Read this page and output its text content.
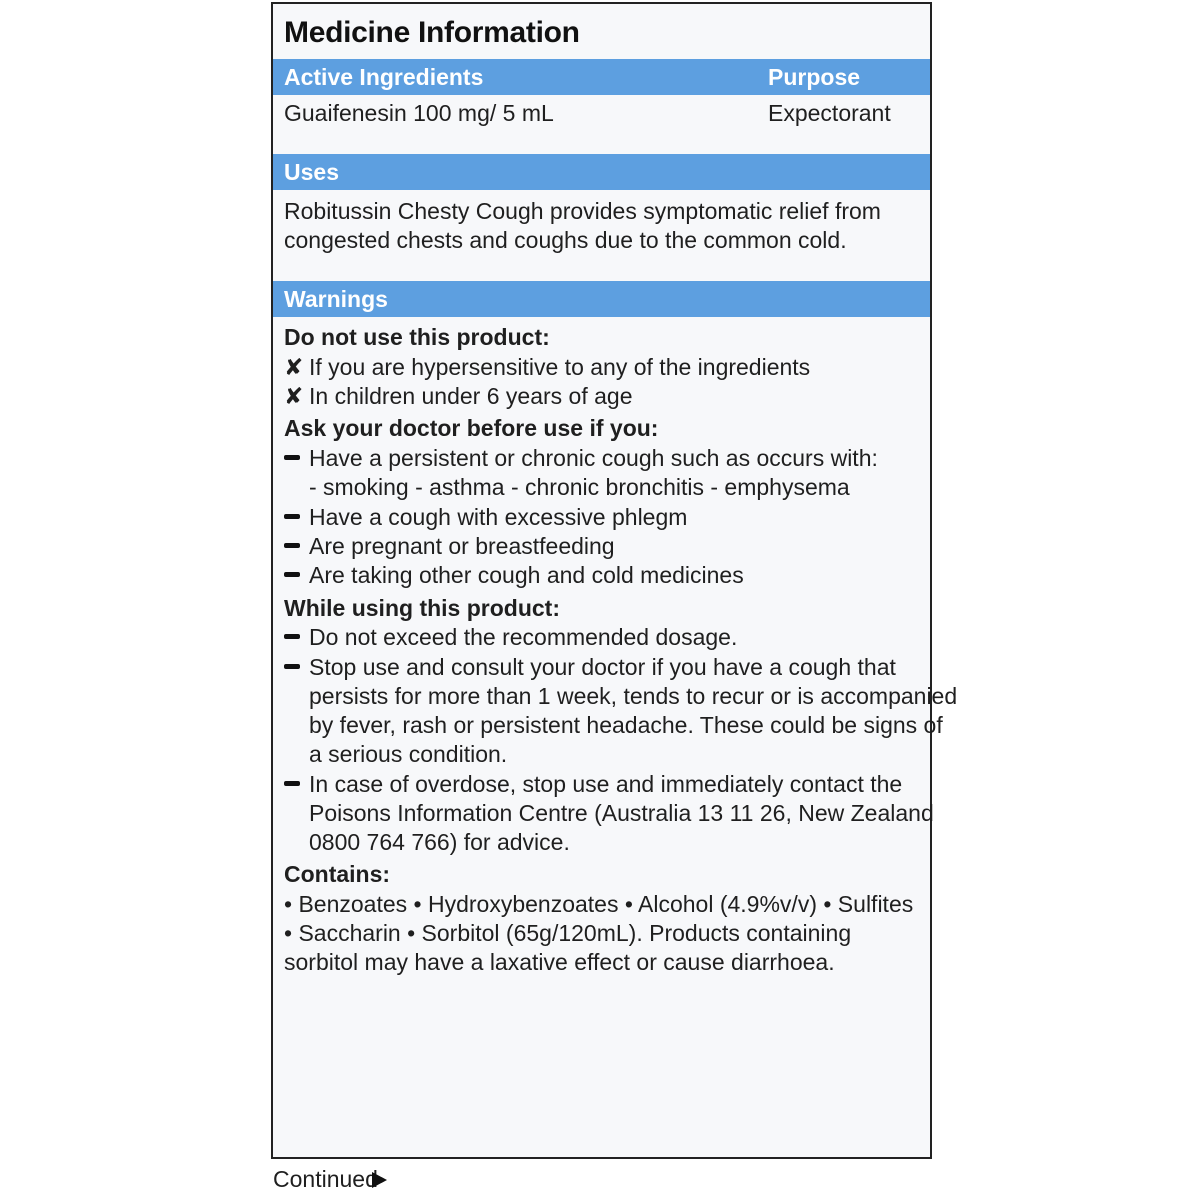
Medicine Information
Active Ingredients	Purpose
Guaifenesin 100 mg/ 5 mL	Expectorant
Uses
Robitussin Chesty Cough provides symptomatic relief from
congested chests and coughs due to the common cold.
Warnings
Do not use this product:
✘ If you are hypersensitive to any of the ingredients
✘ In children under 6 years of age
Ask your doctor before use if you:
Have a persistent or chronic cough such as occurs with:
- smoking - asthma - chronic bronchitis - emphysema
Have a cough with excessive phlegm
Are pregnant or breastfeeding
Are taking other cough and cold medicines
While using this product:
Do not exceed the recommended dosage.
Stop use and consult your doctor if you have a cough that
persists for more than 1 week, tends to recur or is accompanied
by fever, rash or persistent headache. These could be signs of
a serious condition.
In case of overdose, stop use and immediately contact the
Poisons Information Centre (Australia 13 11 26, New Zealand
0800 764 766) for advice.
Contains:
• Benzoates • Hydroxybenzoates • Alcohol (4.9%v/v) • Sulfites
• Saccharin • Sorbitol (65g/120mL). Products containing
sorbitol may have a laxative effect or cause diarrhoea.
Continued
